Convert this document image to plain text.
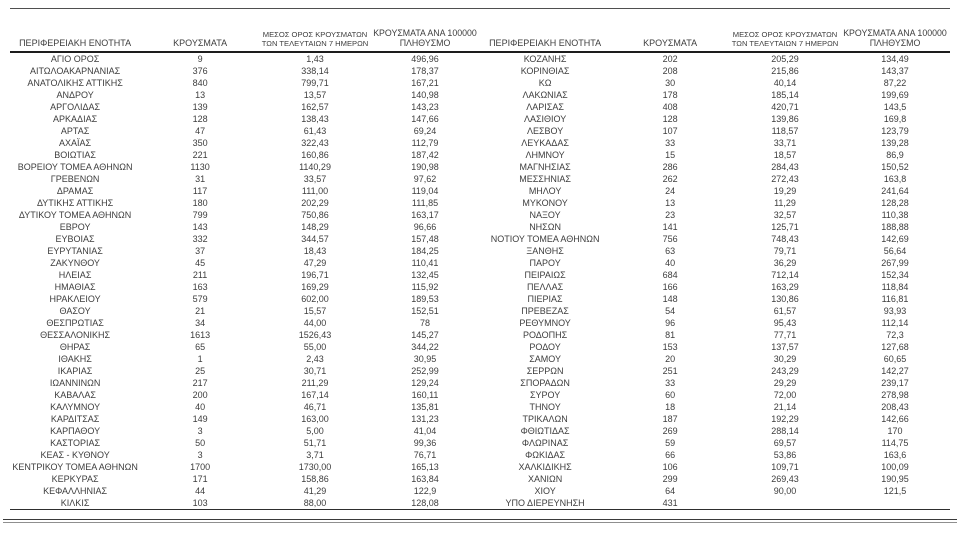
ΠΕΡΙΦΕΡΕΙΑΚΗ ΕΝΟΤΗΤΑ	ΚΡΟΥΣΜΑΤΑ	ΜΕΣΟΣ ΟΡΟΣ ΚΡΟΥΣΜΑΤΩΝ
ΤΩΝ ΤΕΛΕΥΤΑΙΩΝ 7 ΗΜΕΡΩΝ	ΚΡΟΥΣΜΑΤΑ ΑΝΑ 100000
ΠΛΗΘΥΣΜΟ
ΑΓΙΟ ΟΡΟΣ	9	1,43	496,96
ΑΙΤΩΛΟΑΚΑΡΝΑΝΙΑΣ	376	338,14	178,37
ΑΝΑΤΟΛΙΚΗΣ ΑΤΤΙΚΗΣ	840	799,71	167,21
ΑΝΔΡΟΥ	13	13,57	140,98
ΑΡΓΟΛΙΔΑΣ	139	162,57	143,23
ΑΡΚΑΔΙΑΣ	128	138,43	147,66
ΑΡΤΑΣ	47	61,43	69,24
ΑΧΑΪΑΣ	350	322,43	112,79
ΒΟΙΩΤΙΑΣ	221	160,86	187,42
ΒΟΡΕΙΟΥ ΤΟΜΕΑ ΑΘΗΝΩΝ	1130	1140,29	190,98
ΓΡΕΒΕΝΩΝ	31	33,57	97,62
ΔΡΑΜΑΣ	117	111,00	119,04
ΔΥΤΙΚΗΣ ΑΤΤΙΚΗΣ	180	202,29	111,85
ΔΥΤΙΚΟΥ ΤΟΜΕΑ ΑΘΗΝΩΝ	799	750,86	163,17
ΕΒΡΟΥ	143	148,29	96,66
ΕΥΒΟΙΑΣ	332	344,57	157,48
ΕΥΡΥΤΑΝΙΑΣ	37	18,43	184,25
ΖΑΚΥΝΘΟΥ	45	47,29	110,41
ΗΛΕΙΑΣ	211	196,71	132,45
ΗΜΑΘΙΑΣ	163	169,29	115,92
ΗΡΑΚΛΕΙΟΥ	579	602,00	189,53
ΘΑΣΟΥ	21	15,57	152,51
ΘΕΣΠΡΩΤΙΑΣ	34	44,00	78
ΘΕΣΣΑΛΟΝΙΚΗΣ	1613	1526,43	145,27
ΘΗΡΑΣ	65	55,00	344,22
ΙΘΑΚΗΣ	1	2,43	30,95
ΙΚΑΡΙΑΣ	25	30,71	252,99
ΙΩΑΝΝΙΝΩΝ	217	211,29	129,24
ΚΑΒΑΛΑΣ	200	167,14	160,11
ΚΑΛΥΜΝΟΥ	40	46,71	135,81
ΚΑΡΔΙΤΣΑΣ	149	163,00	131,23
ΚΑΡΠΑΘΟΥ	3	5,00	41,04
ΚΑΣΤΟΡΙΑΣ	50	51,71	99,36
ΚΕΑΣ - ΚΥΘΝΟΥ	3	3,71	76,71
ΚΕΝΤΡΙΚΟΥ ΤΟΜΕΑ ΑΘΗΝΩΝ	1700	1730,00	165,13
ΚΕΡΚΥΡΑΣ	171	158,86	163,84
ΚΕΦΑΛΛΗΝΙΑΣ	44	41,29	122,9
ΚΙΛΚΙΣ	103	88,00	128,08
ΠΕΡΙΦΕΡΕΙΑΚΗ ΕΝΟΤΗΤΑ	ΚΡΟΥΣΜΑΤΑ	ΜΕΣΟΣ ΟΡΟΣ ΚΡΟΥΣΜΑΤΩΝ
ΤΩΝ ΤΕΛΕΥΤΑΙΩΝ 7 ΗΜΕΡΩΝ	ΚΡΟΥΣΜΑΤΑ ΑΝΑ 100000
ΠΛΗΘΥΣΜΟ
ΚΟΖΑΝΗΣ	202	205,29	134,49
ΚΟΡΙΝΘΙΑΣ	208	215,86	143,37
ΚΩ	30	40,14	87,22
ΛΑΚΩΝΙΑΣ	178	185,14	199,69
ΛΑΡΙΣΑΣ	408	420,71	143,5
ΛΑΣΙΘΙΟΥ	128	139,86	169,8
ΛΕΣΒΟΥ	107	118,57	123,79
ΛΕΥΚΑΔΑΣ	33	33,71	139,28
ΛΗΜΝΟΥ	15	18,57	86,9
ΜΑΓΝΗΣΙΑΣ	286	284,43	150,52
ΜΕΣΣΗΝΙΑΣ	262	272,43	163,8
ΜΗΛΟΥ	24	19,29	241,64
ΜΥΚΟΝΟΥ	13	11,29	128,28
ΝΑΞΟΥ	23	32,57	110,38
ΝΗΣΩΝ	141	125,71	188,88
ΝΟΤΙΟΥ ΤΟΜΕΑ ΑΘΗΝΩΝ	756	748,43	142,69
ΞΑΝΘΗΣ	63	79,71	56,64
ΠΑΡΟΥ	40	36,29	267,99
ΠΕΙΡΑΙΩΣ	684	712,14	152,34
ΠΕΛΛΑΣ	166	163,29	118,84
ΠΙΕΡΙΑΣ	148	130,86	116,81
ΠΡΕΒΕΖΑΣ	54	61,57	93,93
ΡΕΘΥΜΝΟΥ	96	95,43	112,14
ΡΟΔΟΠΗΣ	81	77,71	72,3
ΡΟΔΟΥ	153	137,57	127,68
ΣΑΜΟΥ	20	30,29	60,65
ΣΕΡΡΩΝ	251	243,29	142,27
ΣΠΟΡΑΔΩΝ	33	29,29	239,17
ΣΥΡΟΥ	60	72,00	278,98
ΤΗΝΟΥ	18	21,14	208,43
ΤΡΙΚΑΛΩΝ	187	192,29	142,66
ΦΘΙΩΤΙΔΑΣ	269	288,14	170
ΦΛΩΡΙΝΑΣ	59	69,57	114,75
ΦΩΚΙΔΑΣ	66	53,86	163,6
ΧΑΛΚΙΔΙΚΗΣ	106	109,71	100,09
ΧΑΝΙΩΝ	299	269,43	190,95
ΧΙΟΥ	64	90,00	121,5
ΥΠΟ ΔΙΕΡΕΥΝΗΣΗ	431		
